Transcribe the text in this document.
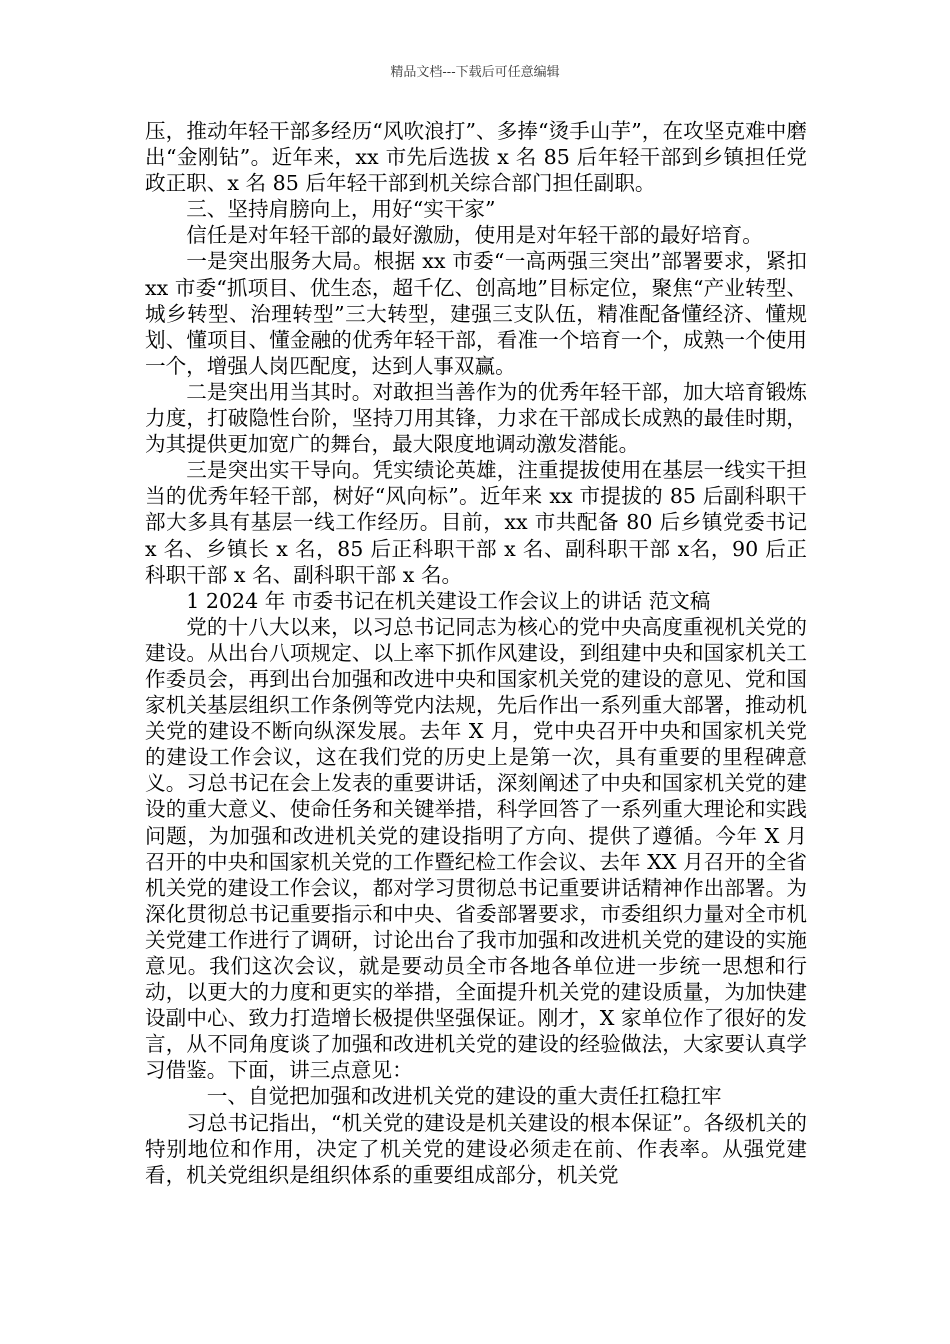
精品文档---下载后可任意编辑

压，推动年轻干部多经历“风吹浪打”、多捧“烫手山芋”，在攻坚克难中磨出“金刚钻”。近年来，xx 市先后选拔 x 名 85 后年轻干部到乡镇担任党政正职、x 名 85 后年轻干部到机关综合部门担任副职。

三、坚持肩膀向上，用好“实干家”

信任是对年轻干部的最好激励，使用是对年轻干部的最好培育。

一是突出服务大局。根据 xx 市委“一高两强三突出”部署要求，紧扣 xx 市委“抓项目、优生态，超千亿、创高地”目标定位，聚焦“产业转型、城乡转型、治理转型”三大转型，建强三支队伍，精准配备懂经济、懂规划、懂项目、懂金融的优秀年轻干部，看准一个培育一个，成熟一个使用一个，增强人岗匹配度，达到人事双赢。

二是突出用当其时。对敢担当善作为的优秀年轻干部，加大培育锻炼力度，打破隐性台阶，坚持刀用其锋，力求在干部成长成熟的最佳时期，为其提供更加宽广的舞台，最大限度地调动激发潜能。

三是突出实干导向。凭实绩论英雄，注重提拔使用在基层一线实干担当的优秀年轻干部，树好“风向标”。近年来 xx 市提拔的 85 后副科职干部大多具有基层一线工作经历。目前，xx 市共配备 80 后乡镇党委书记 x 名、乡镇长 x 名，85 后正科职干部 x 名、副科职干部 x名，90 后正科职干部 x 名、副科职干部 x 名。

1 2024 年 市委书记在机关建设工作会议上的讲话 范文稿

党的十八大以来，以习总书记同志为核心的党中央高度重视机关党的建设。从出台八项规定、以上率下抓作风建设，到组建中央和国家机关工作委员会，再到出台加强和改进中央和国家机关党的建设的意见、党和国家机关基层组织工作条例等党内法规，先后作出一系列重大部署，推动机关党的建设不断向纵深发展。去年 X 月，党中央召开中央和国家机关党的建设工作会议，这在我们党的历史上是第一次，具有重要的里程碑意义。习总书记在会上发表的重要讲话，深刻阐述了中央和国家机关党的建设的重大意义、使命任务和关键举措，科学回答了一系列重大理论和实践问题，为加强和改进机关党的建设指明了方向、提供了遵循。今年 X 月召开的中央和国家机关党的工作暨纪检工作会议、去年 XX 月召开的全省机关党的建设工作会议，都对学习贯彻总书记重要讲话精神作出部署。为深化贯彻总书记重要指示和中央、省委部署要求，市委组织力量对全市机关党建工作进行了调研，讨论出台了我市加强和改进机关党的建设的实施意见。我们这次会议，就是要动员全市各地各单位进一步统一思想和行动，以更大的力度和更实的举措，全面提升机关党的建设质量，为加快建设副中心、致力打造增长极提供坚强保证。刚才，X 家单位作了很好的发言，从不同角度谈了加强和改进机关党的建设的经验做法，大家要认真学习借鉴。下面，讲三点意见：

一、自觉把加强和改进机关党的建设的重大责任扛稳扛牢

习总书记指出，“机关党的建设是机关建设的根本保证”。各级机关的特别地位和作用，决定了机关党的建设必须走在前、作表率。从强党建看，机关党组织是组织体系的重要组成部分，机关党
